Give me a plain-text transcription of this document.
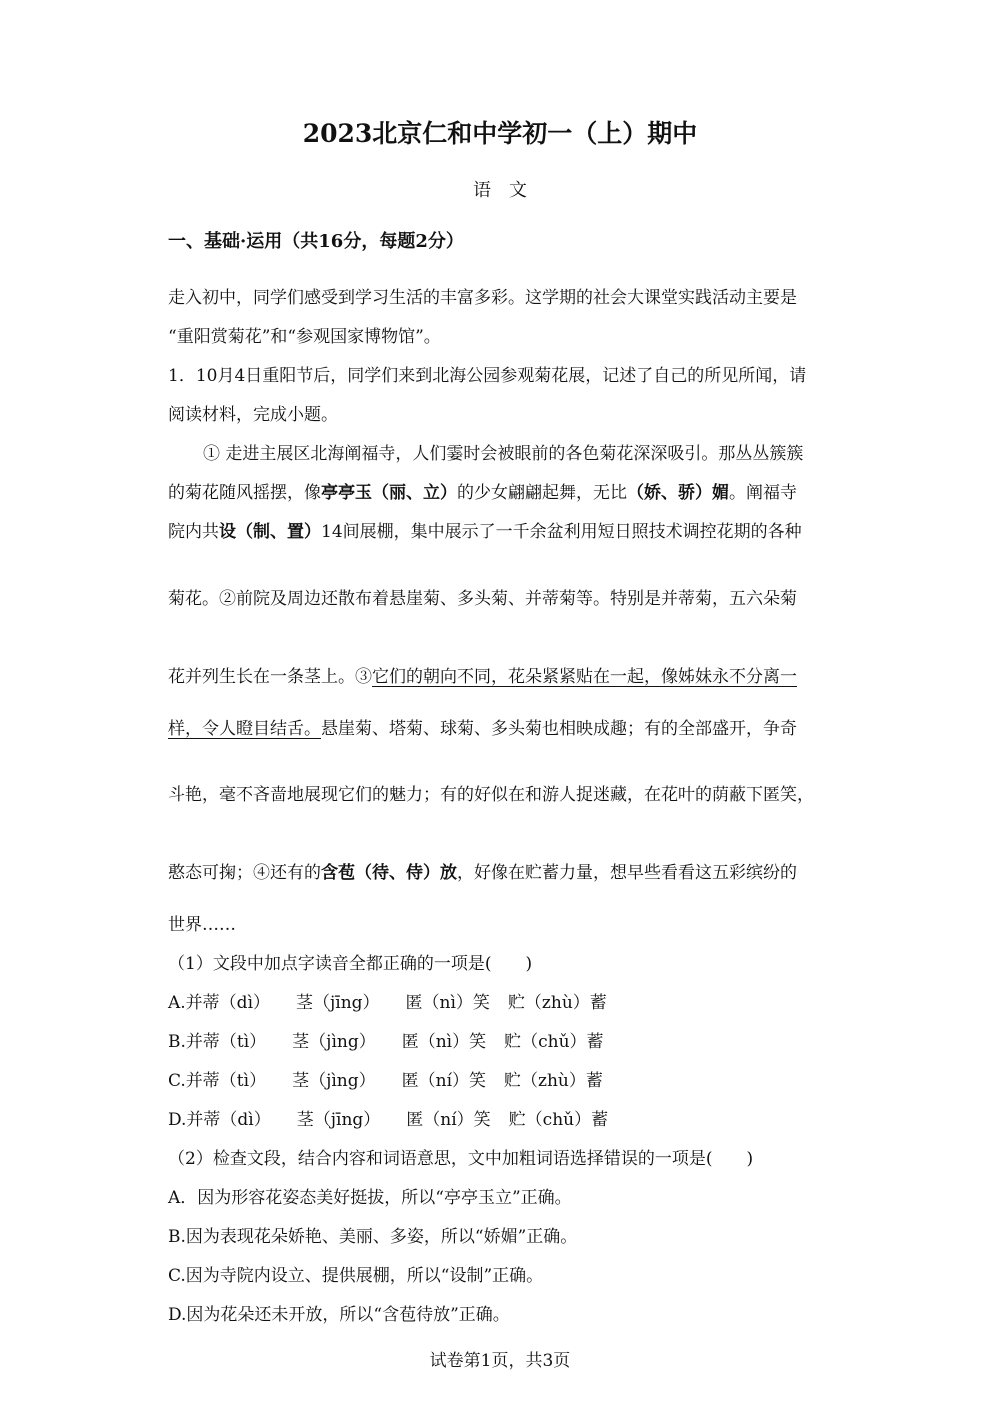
2023北京仁和中学初一（上）期中
语　文
一、基础·运用（共16分，每题2分）
走入初中，同学们感受到学习生活的丰富多彩。这学期的社会大课堂实践活动主要是
“重阳赏菊花”和“参观国家博物馆”。
1．10月4日重阳节后，同学们来到北海公园参观菊花展，记述了自己的所见所闻，请
阅读材料，完成小题。
① 走进主展区北海阐福寺，人们霎时会被眼前的各色菊花深深吸引。那丛丛簇簇
的菊花随风摇摆，像亭亭玉（丽、立）的少女翩翩起舞，无比（娇、骄）媚。阐福寺
院内共设（制、置）14间展棚，集中展示了一千余盆利用短日照技术调控花期的各种
菊花。②前院及周边还散布着悬崖菊、多头菊、并蒂菊等。特别是并蒂菊，五六朵菊
花并列生长在一条茎上。③它们的朝向不同，花朵紧紧贴在一起，像姊妹永不分离一
样，令人瞪目结舌。悬崖菊、塔菊、球菊、多头菊也相映成趣；有的全部盛开，争奇
斗艳，毫不吝啬地展现它们的魅力；有的好似在和游人捉迷藏，在花叶的荫蔽下匿笑，
憨态可掬；④还有的含苞（待、侍）放，好像在贮蓄力量，想早些看看这五彩缤纷的
世界……
（1）文段中加点字读音全都正确的一项是(　　)
A.并蒂（dì） 茎（jīng） 匿（nì）笑 贮（zhù）蓄
B.并蒂（tì） 茎（jìng） 匿（nì）笑 贮（chǔ）蓄
C.并蒂（tì） 茎（jìng） 匿（ní）笑 贮（zhù）蓄
D.并蒂（dì） 茎（jīng） 匿（ní）笑 贮（chǔ）蓄
（2）检查文段，结合内容和词语意思，文中加粗词语选择错误的一项是(　　)
A．因为形容花姿态美好挺拔，所以“亭亭玉立”正确。
B.因为表现花朵娇艳、美丽、多姿，所以“娇媚”正确。
C.因为寺院内设立、提供展棚，所以“设制”正确。
D.因为花朵还未开放，所以“含苞待放”正确。
试卷第1页，共3页
